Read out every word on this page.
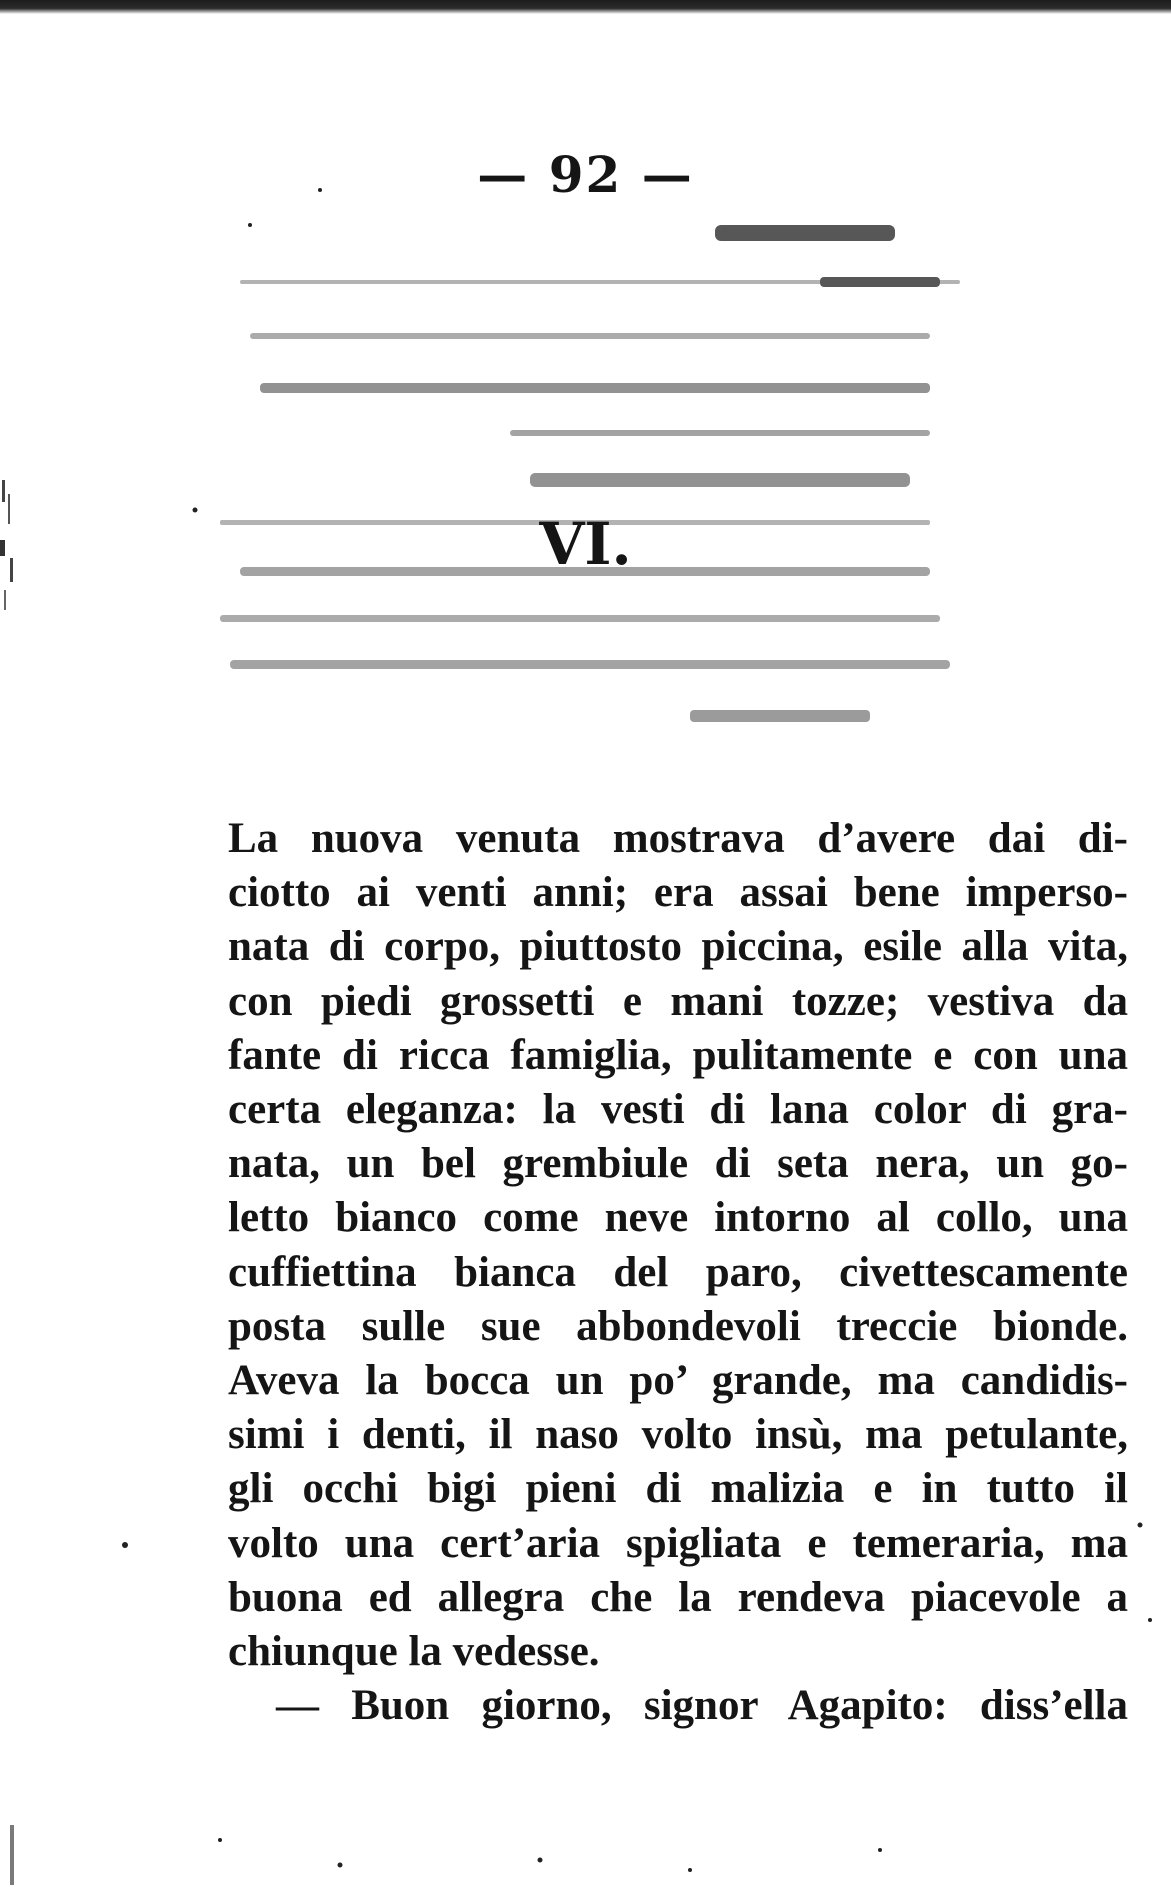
— 92 —
VI.
La nuova venuta mostrava d’avere dai di-
ciotto ai venti anni; era assai bene imperso-
nata di corpo, piuttosto piccina, esile alla vita,
con piedi grossetti e mani tozze; vestiva da
fante di ricca famiglia, pulitamente e con una
certa eleganza: la vesti di lana color di gra-
nata, un bel grembiule di seta nera, un go-
letto bianco come neve intorno al collo, una
cuffiettina bianca del paro, civettescamente
posta sulle sue abbondevoli treccie bionde.
Aveva la bocca un po’ grande, ma candidis-
simi i denti, il naso volto insù, ma petulante,
gli occhi bigi pieni di malizia e in tutto il
volto una cert’aria spigliata e temeraria, ma
buona ed allegra che la rendeva piacevole a
chiunque la vedesse.
— Buon giorno, signor Agapito: diss’ella
